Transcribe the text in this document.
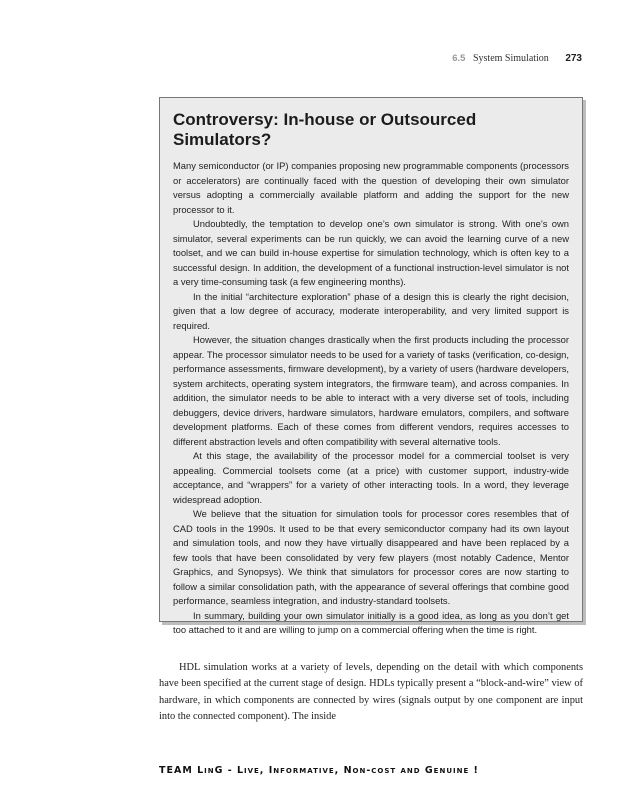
6.5 System Simulation 273
Controversy: In-house or Outsourced Simulators?

Many semiconductor (or IP) companies proposing new programmable components (processors or accelerators) are continually faced with the question of developing their own simulator versus adopting a commercially available platform and adding the support for the new processor to it.

Undoubtedly, the temptation to develop one’s own simulator is strong. With one’s own simulator, several experiments can be run quickly, we can avoid the learning curve of a new toolset, and we can build in-house expertise for simulation technology, which is often key to a successful design. In addition, the development of a functional instruction-level simulator is not a very time-consuming task (a few engineering months).

In the initial “architecture exploration” phase of a design this is clearly the right decision, given that a low degree of accuracy, moderate interoperability, and very limited support is required.

However, the situation changes drastically when the first products including the processor appear. The processor simulator needs to be used for a variety of tasks (verification, co-design, performance assessments, firmware development), by a variety of users (hardware developers, system architects, operating system integrators, the firmware team), and across companies. In addition, the simulator needs to be able to interact with a very diverse set of tools, including debuggers, device drivers, hardware simulators, hardware emulators, compilers, and software development platforms. Each of these comes from different vendors, requires accesses to different abstraction levels and often compatibility with several alternative tools.

At this stage, the availability of the processor model for a commercial toolset is very appealing. Commercial toolsets come (at a price) with customer support, industry-wide acceptance, and “wrappers” for a variety of other interacting tools. In a word, they leverage widespread adoption.

We believe that the situation for simulation tools for processor cores resembles that of CAD tools in the 1990s. It used to be that every semiconductor company had its own layout and simulation tools, and now they have virtually disappeared and have been replaced by a few tools that have been consolidated by very few players (most notably Cadence, Mentor Graphics, and Synopsys). We think that simulators for processor cores are now starting to follow a similar consolidation path, with the appearance of several offerings that combine good performance, seamless integration, and industry-standard toolsets.

In summary, building your own simulator initially is a good idea, as long as you don’t get too attached to it and are willing to jump on a commercial offering when the time is right.

HDL simulation works at a variety of levels, depending on the detail with which components have been specified at the current stage of design. HDLs typically present a “block-and-wire” view of hardware, in which components are connected by wires (signals output by one component are input into the connected component). The inside

TEAM LinG - Live, Informative, Non-cost and Genuine !
